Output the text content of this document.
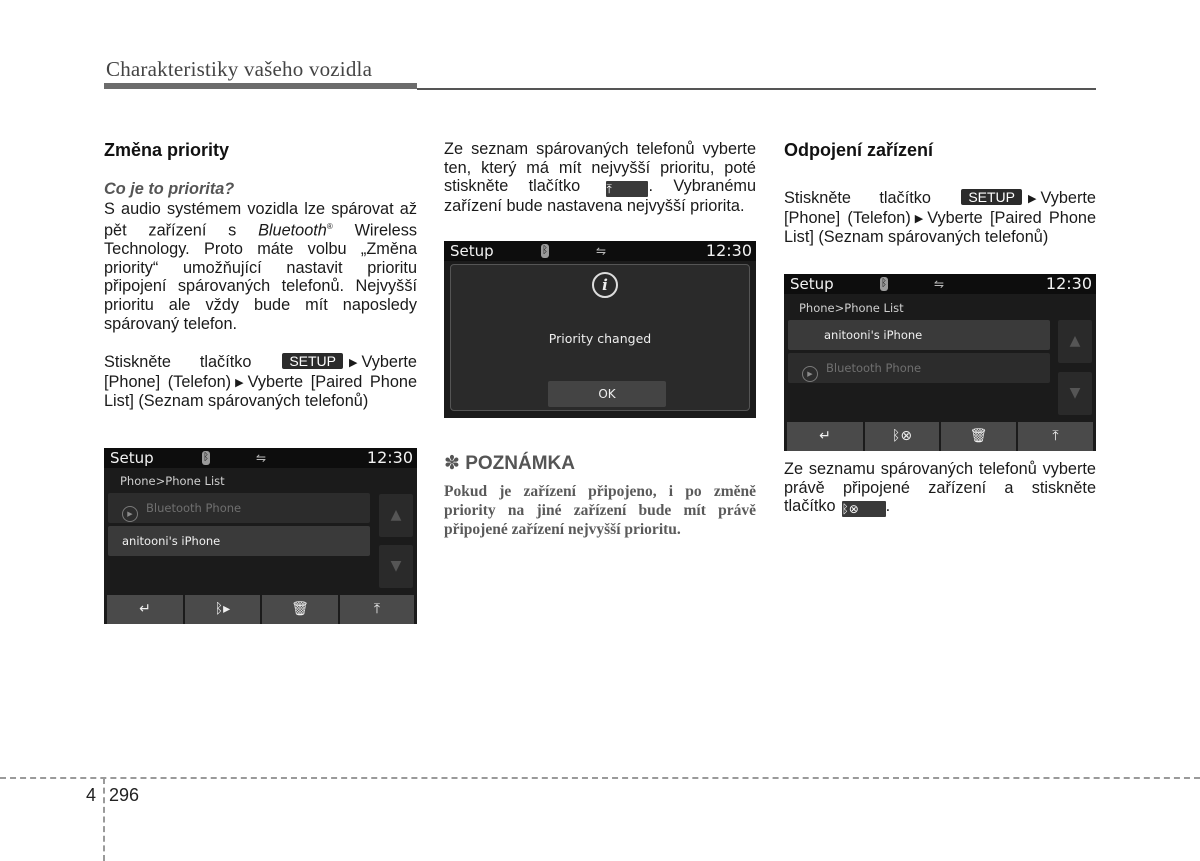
Charakteristiky vašeho vozidla
Změna priority
Co je to priorita?

S audio systémem vozidla lze spárovat až pět zařízení s Bluetooth® Wireless Technology. Proto máte volbu „Změna priority“ umožňující nastavit prioritu připojení spárovaných telefonů. Nejvyšší prioritu ale vždy bude mít naposledy spárovaný telefon.

Stiskněte tlačítko	SETUP ▶ Vyberte [Phone] (Telefon) ▶ Vyberte [Paired Phone List] (Seznam spárovaných telefonů)

Setup	ᛒ	⇋	12:30
Phone>Phone List
▶ Bluetooth Phone
anitooni's iPhone
▲
▼
↵	ᛒ▸	🗑	⤒

Ze seznam spárovaných telefonů vyberte ten, který má mít nejvyšší prioritu, poté stiskněte tlačítko ⤒ . Vybranému zařízení bude nastavena nejvyšší priorita.

Setup	ᛒ	⇋	12:30
i
Priority changed
OK
✽ POZNÁMKA

Pokud je zařízení připojeno, i po změně priority na jiné zařízení bude mít právě připojené zařízení nejvyšší prioritu.

Odpojení zařízení

Stiskněte tlačítko	SETUP ▶ Vyberte [Phone] (Telefon) ▶ Vyberte [Paired Phone List] (Seznam spárovaných telefonů)

Setup	ᛒ	⇋	12:30
Phone>Phone List
anitooni's iPhone
▶ Bluetooth Phone
▲
▼
↵	ᛒ⊗	🗑	⤒

Ze seznamu spárovaných telefonů vyberte právě připojené zařízení a stiskněte tlačítko ᛒ⊗ .

4 296
